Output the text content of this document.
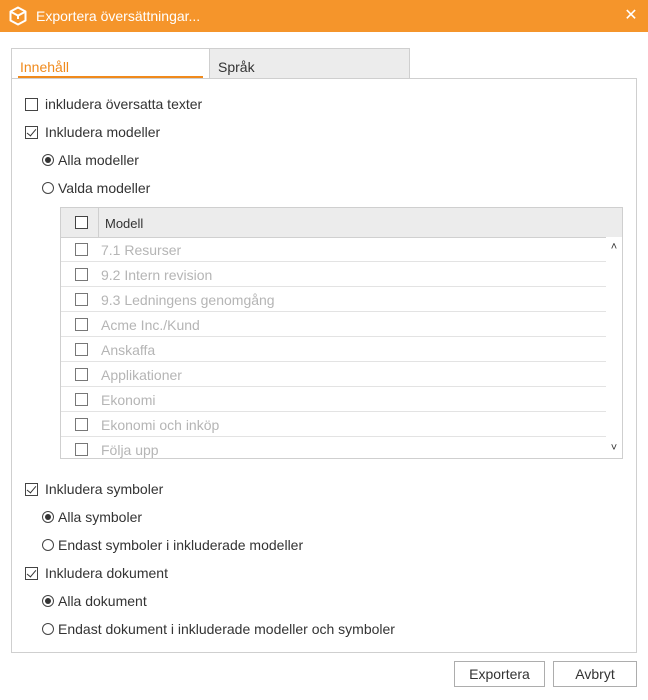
Exportera översättningar...	✕
Innehåll	Språk
inkludera översatta texter
Inkludera modeller
Alla modeller
Valda modeller
Modell
7.1 Resurser
9.2 Intern revision
9.3 Ledningens genomgång
Acme Inc./Kund
Anskaffa
Applikationer
Ekonomi
Ekonomi och inköp
Följa upp
˄
˅
Inkludera symboler
Alla symboler
Endast symboler i inkluderade modeller
Inkludera dokument
Alla dokument
Endast dokument i inkluderade modeller och symboler
Exportera	Avbryt
